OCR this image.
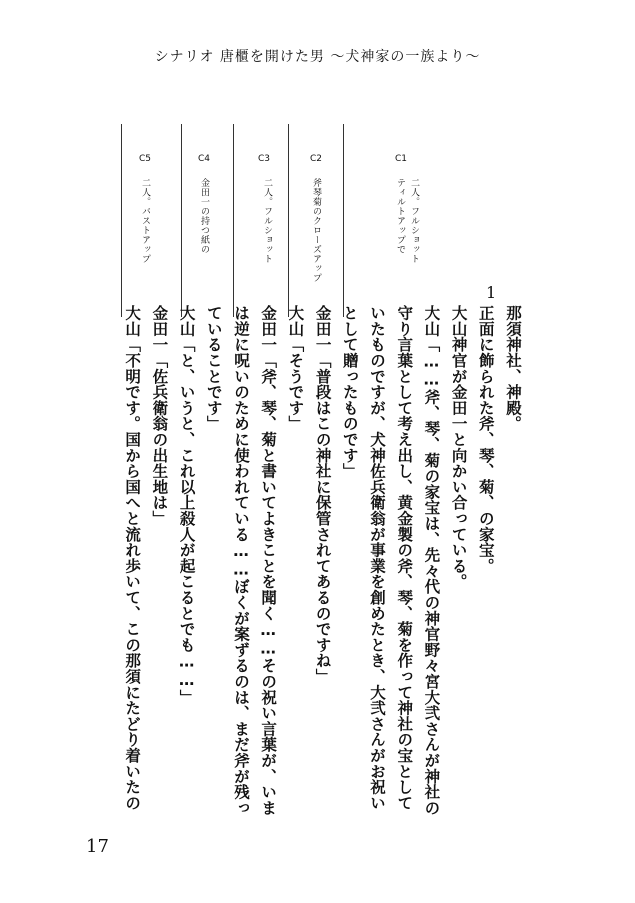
シナリオ 唐櫃を開けた男 〜犬神家の一族より〜
C1
二人。フルショット
ティルトアップで
C2
斧琴菊のクローズアップ
C3
二人。フルショット
C4
金田一の持つ紙の
C5
二人。バストアップ
1
那須神社、神殿。
正面に飾られた斧、琴、菊、の家宝。
大山神官が金田一と向かい合っている。
大山「……斧、琴、菊の家宝は、先々代の神官野々宮大弐さんが神社の
守り言葉として考え出し、黄金製の斧、琴、菊を作って神社の宝として
いたものですが、犬神佐兵衛翁が事業を創めたとき、大弐さんがお祝い
として贈ったものです」
金田一「普段はこの神社に保管されてあるのですね」
大山「そうです」
金田一「斧、琴、菊と書いてよきことを聞く……その祝い言葉が、いま
は逆に呪いのために使われている……ぼくが案ずるのは、まだ斧が残っ
ていることです」
大山「と、いうと、これ以上殺人が起こるとでも……」
金田一「佐兵衛翁の出生地は」
大山「不明です。国から国へと流れ歩いて、この那須にたどり着いたの
17
